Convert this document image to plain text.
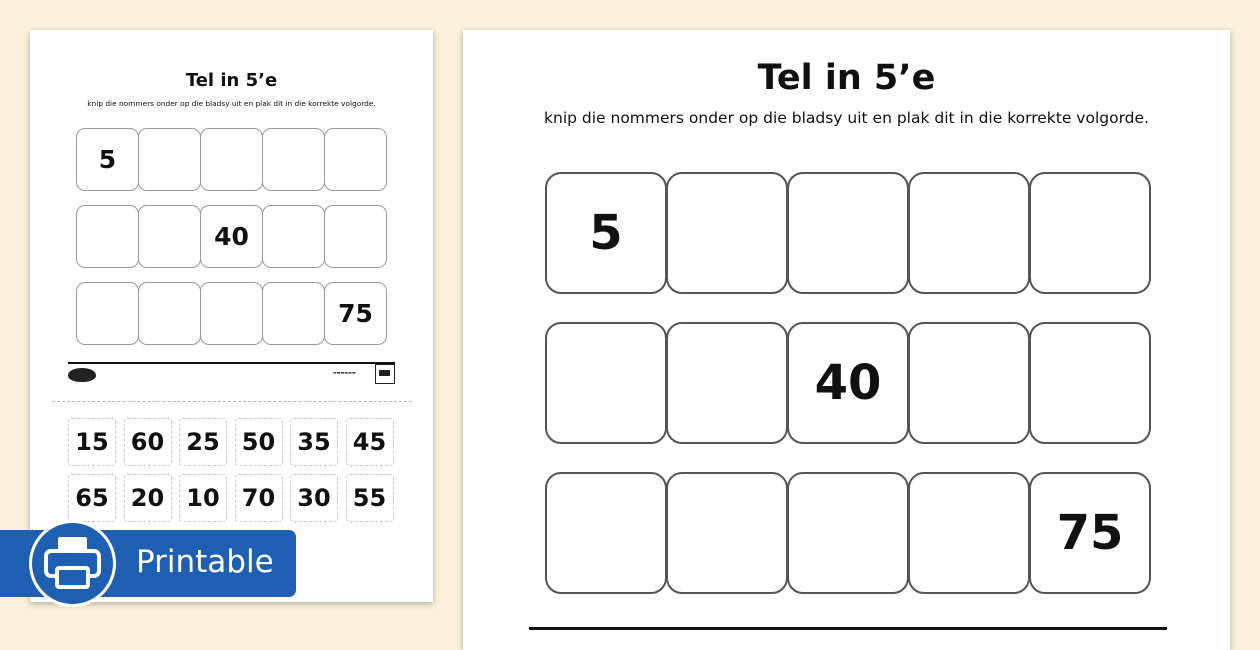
Tel in 5’e
knip die nommers onder op die bladsy uit en plak dit in die korrekte volgorde.
5
40
75
▬▬▬▬▬▬
15 60 25 50 35 45
65 20 10 70 30 55
Tel in 5’e
knip die nommers onder op die bladsy uit en plak dit in die korrekte volgorde.
5
40
75
Printable
